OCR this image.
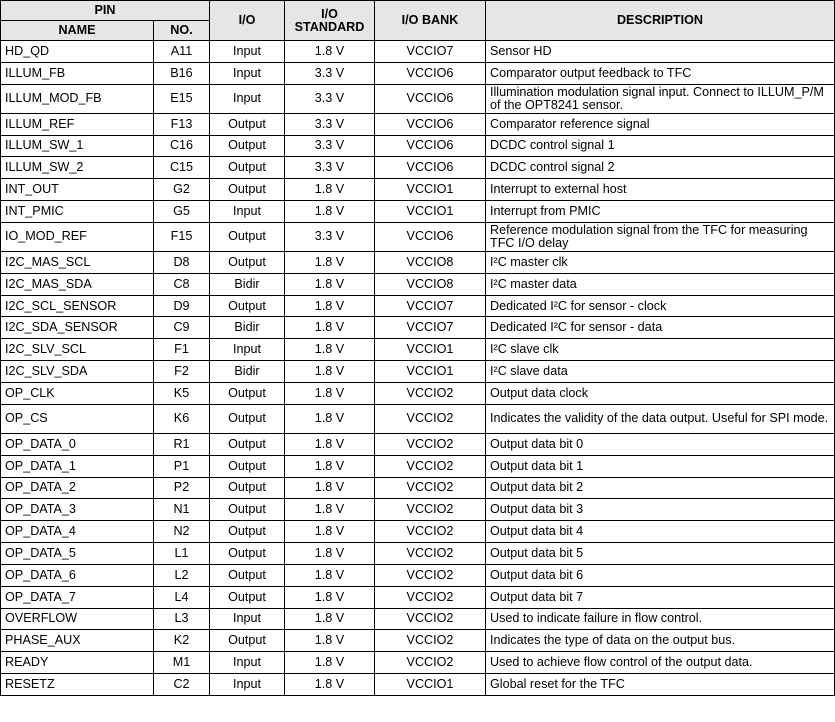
PIN		I/O	I/O STANDARD	I/O BANK	DESCRIPTION
NAME	NO.				
HD_QD	A11	Input	1.8 V	VCCIO7	Sensor HD
ILLUM_FB	B16	Input	3.3 V	VCCIO6	Comparator output feedback to TFC
ILLUM_MOD_FB	E15	Input	3.3 V	VCCIO6	Illumination modulation signal input. Connect to ILLUM_P/M of the OPT8241 sensor.
ILLUM_REF	F13	Output	3.3 V	VCCIO6	Comparator reference signal
ILLUM_SW_1	C16	Output	3.3 V	VCCIO6	DCDC control signal 1
ILLUM_SW_2	C15	Output	3.3 V	VCCIO6	DCDC control signal 2
INT_OUT	G2	Output	1.8 V	VCCIO1	Interrupt to external host
INT_PMIC	G5	Input	1.8 V	VCCIO1	Interrupt from PMIC
IO_MOD_REF	F15	Output	3.3 V	VCCIO6	Reference modulation signal from the TFC for measuring TFC I/O delay
I2C_MAS_SCL	D8	Output	1.8 V	VCCIO8	I²C master clk
I2C_MAS_SDA	C8	Bidir	1.8 V	VCCIO8	I²C master data
I2C_SCL_SENSOR	D9	Output	1.8 V	VCCIO7	Dedicated I²C for sensor - clock
I2C_SDA_SENSOR	C9	Bidir	1.8 V	VCCIO7	Dedicated I²C for sensor - data
I2C_SLV_SCL	F1	Input	1.8 V	VCCIO1	I²C slave clk
I2C_SLV_SDA	F2	Bidir	1.8 V	VCCIO1	I²C slave data
OP_CLK	K5	Output	1.8 V	VCCIO2	Output data clock
OP_CS	K6	Output	1.8 V	VCCIO2	Indicates the validity of the data output. Useful for SPI mode.
OP_DATA_0	R1	Output	1.8 V	VCCIO2	Output data bit 0
OP_DATA_1	P1	Output	1.8 V	VCCIO2	Output data bit 1
OP_DATA_2	P2	Output	1.8 V	VCCIO2	Output data bit 2
OP_DATA_3	N1	Output	1.8 V	VCCIO2	Output data bit 3
OP_DATA_4	N2	Output	1.8 V	VCCIO2	Output data bit 4
OP_DATA_5	L1	Output	1.8 V	VCCIO2	Output data bit 5
OP_DATA_6	L2	Output	1.8 V	VCCIO2	Output data bit 6
OP_DATA_7	L4	Output	1.8 V	VCCIO2	Output data bit 7
OVERFLOW	L3	Input	1.8 V	VCCIO2	Used to indicate failure in flow control.
PHASE_AUX	K2	Output	1.8 V	VCCIO2	Indicates the type of data on the output bus.
READY	M1	Input	1.8 V	VCCIO2	Used to achieve flow control of the output data.
RESETZ	C2	Input	1.8 V	VCCIO1	Global reset for the TFC
